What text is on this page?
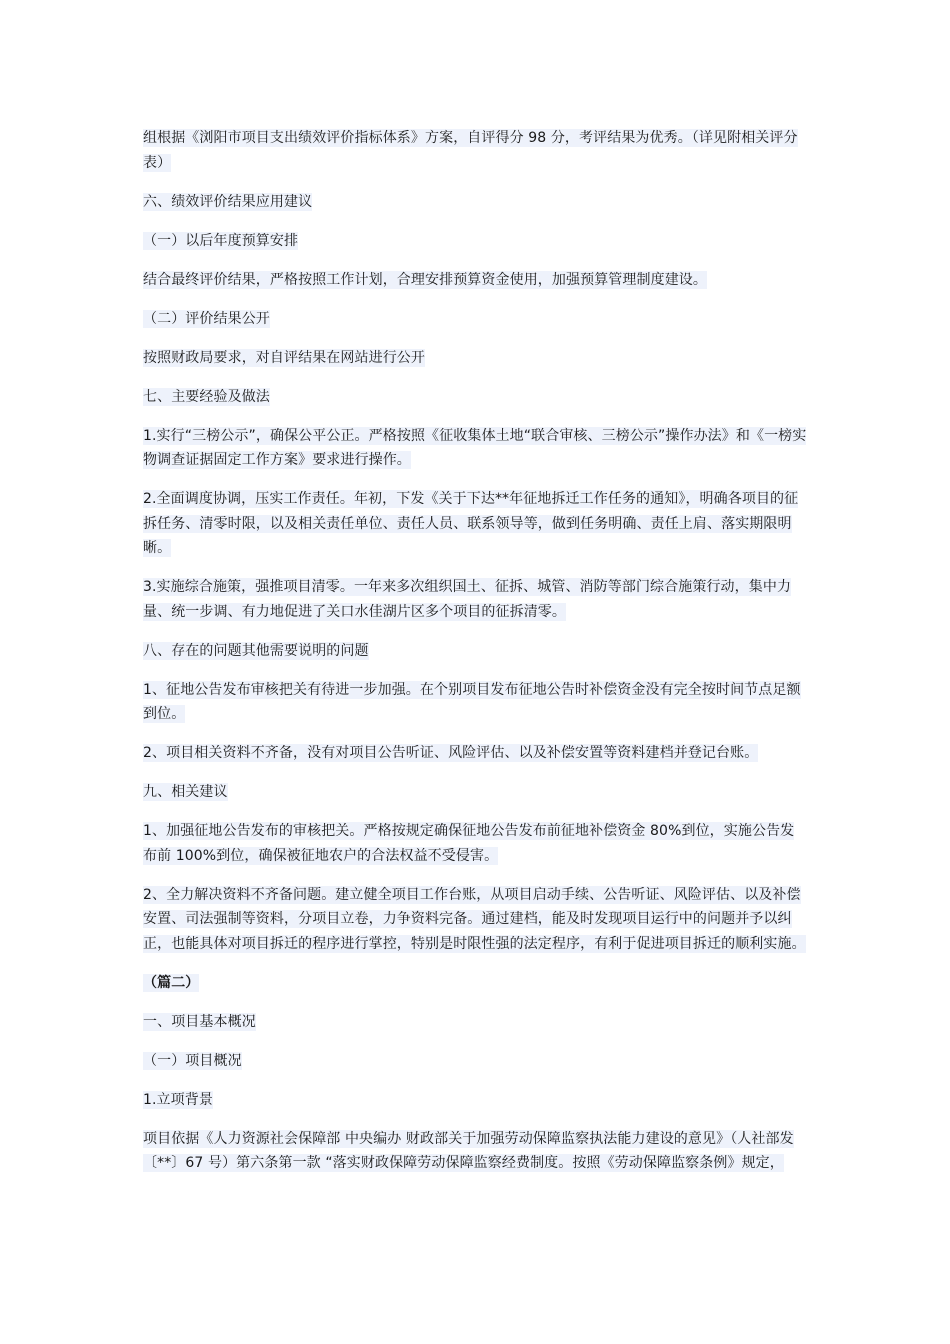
组根据《浏阳市项目支出绩效评价指标体系》方案，自评得分 98 分，考评结果为优秀。（详见附相关评分表）

六、绩效评价结果应用建议

（一）以后年度预算安排

结合最终评价结果，严格按照工作计划，合理安排预算资金使用，加强预算管理制度建设。

（二）评价结果公开

按照财政局要求，对自评结果在网站进行公开

七、主要经验及做法

1.实行“三榜公示”，确保公平公正。严格按照《征收集体土地“联合审核、三榜公示”操作办法》和《一榜实物调查证据固定工作方案》要求进行操作。

2.全面调度协调，压实工作责任。年初，下发《关于下达**年征地拆迁工作任务的通知》，明确各项目的征拆任务、清零时限，以及相关责任单位、责任人员、联系领导等，做到任务明确、责任上肩、落实期限明晰。

3.实施综合施策，强推项目清零。一年来多次组织国土、征拆、城管、消防等部门综合施策行动，集中力量、统一步调、有力地促进了关口水佳湖片区多个项目的征拆清零。

八、存在的问题其他需要说明的问题

1、征地公告发布审核把关有待进一步加强。在个别项目发布征地公告时补偿资金没有完全按时间节点足额到位。

2、项目相关资料不齐备，没有对项目公告听证、风险评估、以及补偿安置等资料建档并登记台账。

九、相关建议

1、加强征地公告发布的审核把关。严格按规定确保征地公告发布前征地补偿资金 80%到位，实施公告发布前 100%到位，确保被征地农户的合法权益不受侵害。

2、全力解决资料不齐备问题。建立健全项目工作台账，从项目启动手续、公告听证、风险评估、以及补偿安置、司法强制等资料，分项目立卷，力争资料完备。通过建档，能及时发现项目运行中的问题并予以纠正，也能具体对项目拆迁的程序进行掌控，特别是时限性强的法定程序，有利于促进项目拆迁的顺利实施。

（篇二）

一、项目基本概况

（一）项目概况

1.立项背景

项目依据《人力资源社会保障部 中央编办 财政部关于加强劳动保障监察执法能力建设的意见》（人社部发〔**〕67 号）第六条第一款 “落实财政保障劳动保障监察经费制度。按照《劳动保障监察条例》规定，
